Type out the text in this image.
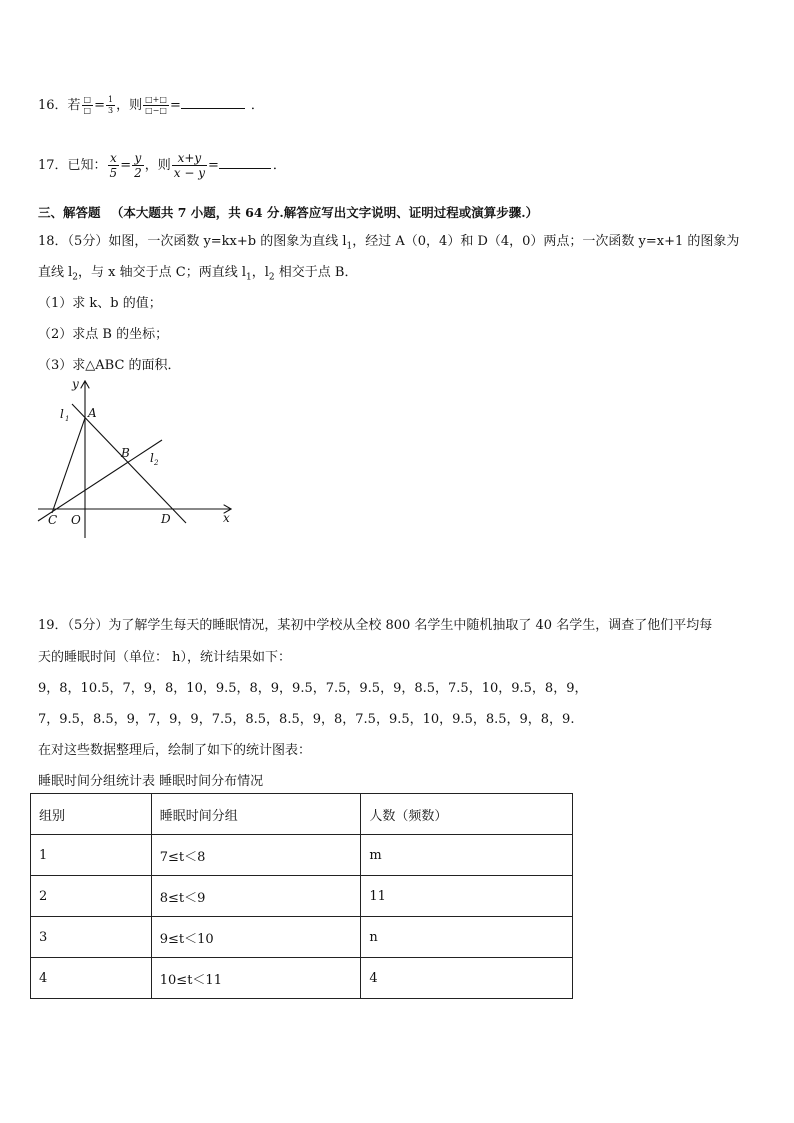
16．若 $\frac{□}{□} = \frac{1}{3}$ ，则 $\frac{□+□}{□-□}$ =	．
17．已知： $\frac{x}{5} = \frac{y}{2}$ ，则 $\frac{x+y}{x - y}$ =	．
三、解答题 （本大题共 7 小题，共 64 分.解答应写出文字说明、证明过程或演算步骤.）
18．（5分）如图，一次函数 y=kx+b 的图象为直线 $l_1$，经过 A（0，4）和 D（4，0）两点；一次函数 y=x+1 的图象为
直线 $l_2$，与 x 轴交于点 C；两直线 $l_1$，$l_2$ 相交于点 B．
（1）求 k、b 的值；
（2）求点 B 的坐标；
（3）求△ABC 的面积．
y
x
l 1
l 2
A
B
C O	D
19．（5分）为了解学生每天的睡眠情况，某初中学校从全校 800 名学生中随机抽取了 40 名学生，调查了他们平均每
天的睡眠时间（单位： h），统计结果如下：
9，8，10.5，7，9，8，10，9.5，8，9，9.5，7.5，9.5，9，8.5，7.5，10，9.5，8，9，
7，9.5，8.5，9，7，9，9，7.5，8.5，8.5，9，8，7.5，9.5，10，9.5，8.5，9，8，9.
在对这些数据整理后，绘制了如下的统计图表：
睡眠时间分组统计表 睡眠时间分布情况
组别	睡眠时间分组	人数（频数）
1	7≤t＜8	m
2	8≤t＜9	11
3	9≤t＜10	n
4	10≤t＜11	4
